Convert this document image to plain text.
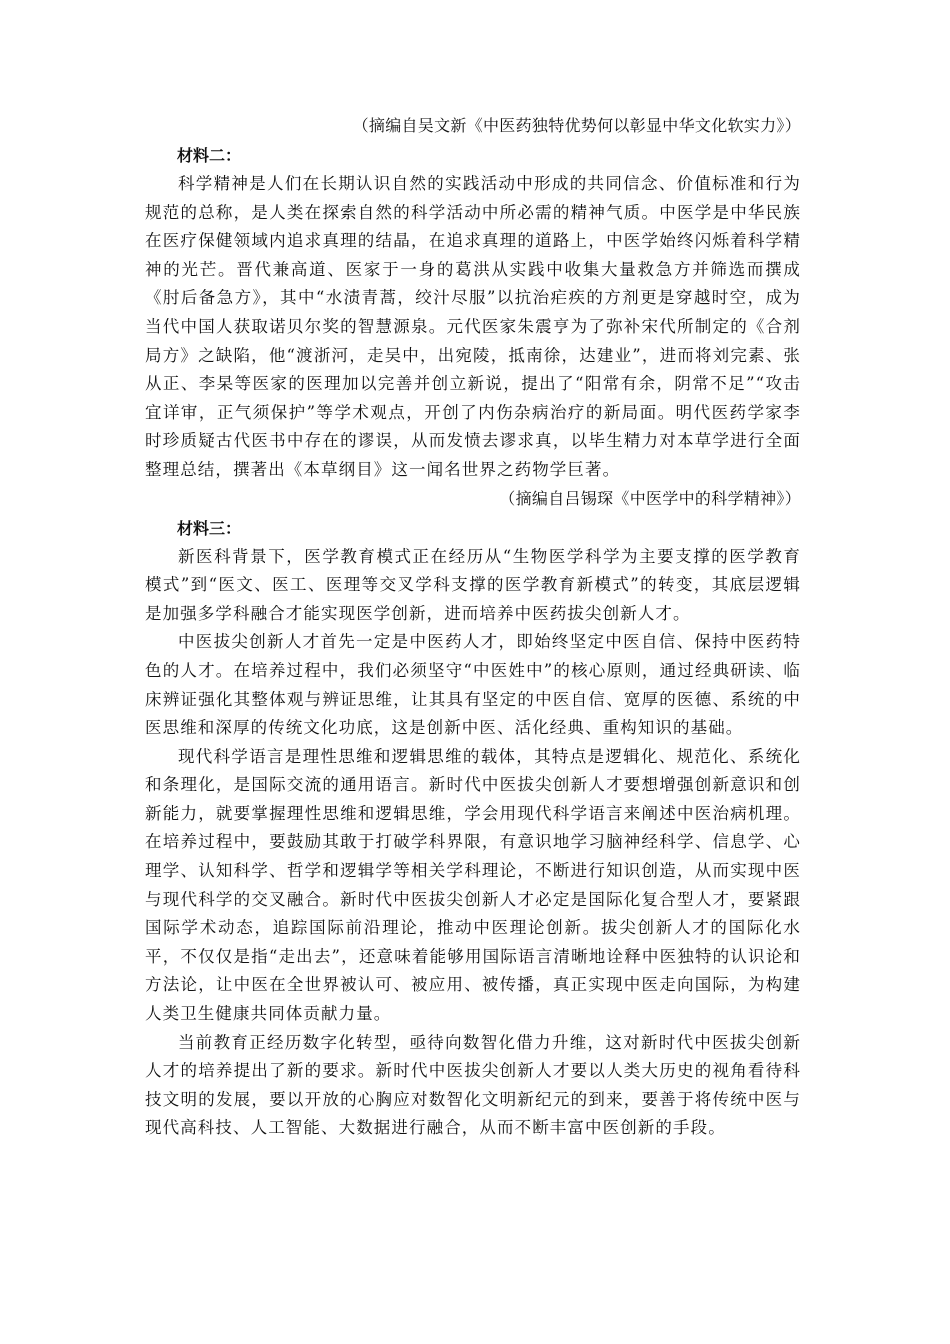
（摘编自吴文新《中医药独特优势何以彰显中华文化软实力》）
材料二：

科学精神是人们在长期认识自然的实践活动中形成的共同信念、价值标准和行为规范的总称，是人类在探索自然的科学活动中所必需的精神气质。中医学是中华民族在医疗保健领域内追求真理的结晶，在追求真理的道路上，中医学始终闪烁着科学精神的光芒。晋代兼高道、医家于一身的葛洪从实践中收集大量救急方并筛选而撰成《肘后备急方》，其中“水渍青蒿，绞汁尽服”以抗治疟疾的方剂更是穿越时空，成为当代中国人获取诺贝尔奖的智慧源泉。元代医家朱震亨为了弥补宋代所制定的《合剂局方》之缺陷，他“渡浙河，走吴中，出宛陵，抵南徐，达建业”，进而将刘完素、张从正、李杲等医家的医理加以完善并创立新说，提出了“阳常有余，阴常不足”“攻击宜详审，正气须保护”等学术观点，开创了内伤杂病治疗的新局面。明代医药学家李时珍质疑古代医书中存在的谬误，从而发愤去谬求真，以毕生精力对本草学进行全面整理总结，撰著出《本草纲目》这一闻名世界之药物学巨著。

（摘编自吕锡琛《中医学中的科学精神》）
材料三：

新医科背景下，医学教育模式正在经历从“生物医学科学为主要支撑的医学教育模式”到“医文、医工、医理等交叉学科支撑的医学教育新模式”的转变，其底层逻辑是加强多学科融合才能实现医学创新，进而培养中医药拔尖创新人才。

中医拔尖创新人才首先一定是中医药人才，即始终坚定中医自信、保持中医药特色的人才。在培养过程中，我们必须坚守“中医姓中”的核心原则，通过经典研读、临床辨证强化其整体观与辨证思维，让其具有坚定的中医自信、宽厚的医德、系统的中医思维和深厚的传统文化功底，这是创新中医、活化经典、重构知识的基础。

现代科学语言是理性思维和逻辑思维的载体，其特点是逻辑化、规范化、系统化和条理化，是国际交流的通用语言。新时代中医拔尖创新人才要想增强创新意识和创新能力，就要掌握理性思维和逻辑思维，学会用现代科学语言来阐述中医治病机理。在培养过程中，要鼓励其敢于打破学科界限，有意识地学习脑神经科学、信息学、心理学、认知科学、哲学和逻辑学等相关学科理论，不断进行知识创造，从而实现中医与现代科学的交叉融合。新时代中医拔尖创新人才必定是国际化复合型人才，要紧跟国际学术动态，追踪国际前沿理论，推动中医理论创新。拔尖创新人才的国际化水平，不仅仅是指“走出去”，还意味着能够用国际语言清晰地诠释中医独特的认识论和方法论，让中医在全世界被认可、被应用、被传播，真正实现中医走向国际，为构建人类卫生健康共同体贡献力量。

当前教育正经历数字化转型，亟待向数智化借力升维，这对新时代中医拔尖创新人才的培养提出了新的要求。新时代中医拔尖创新人才要以人类大历史的视角看待科技文明的发展，要以开放的心胸应对数智化文明新纪元的到来，要善于将传统中医与现代高科技、人工智能、大数据进行融合，从而不断丰富中医创新的手段。
